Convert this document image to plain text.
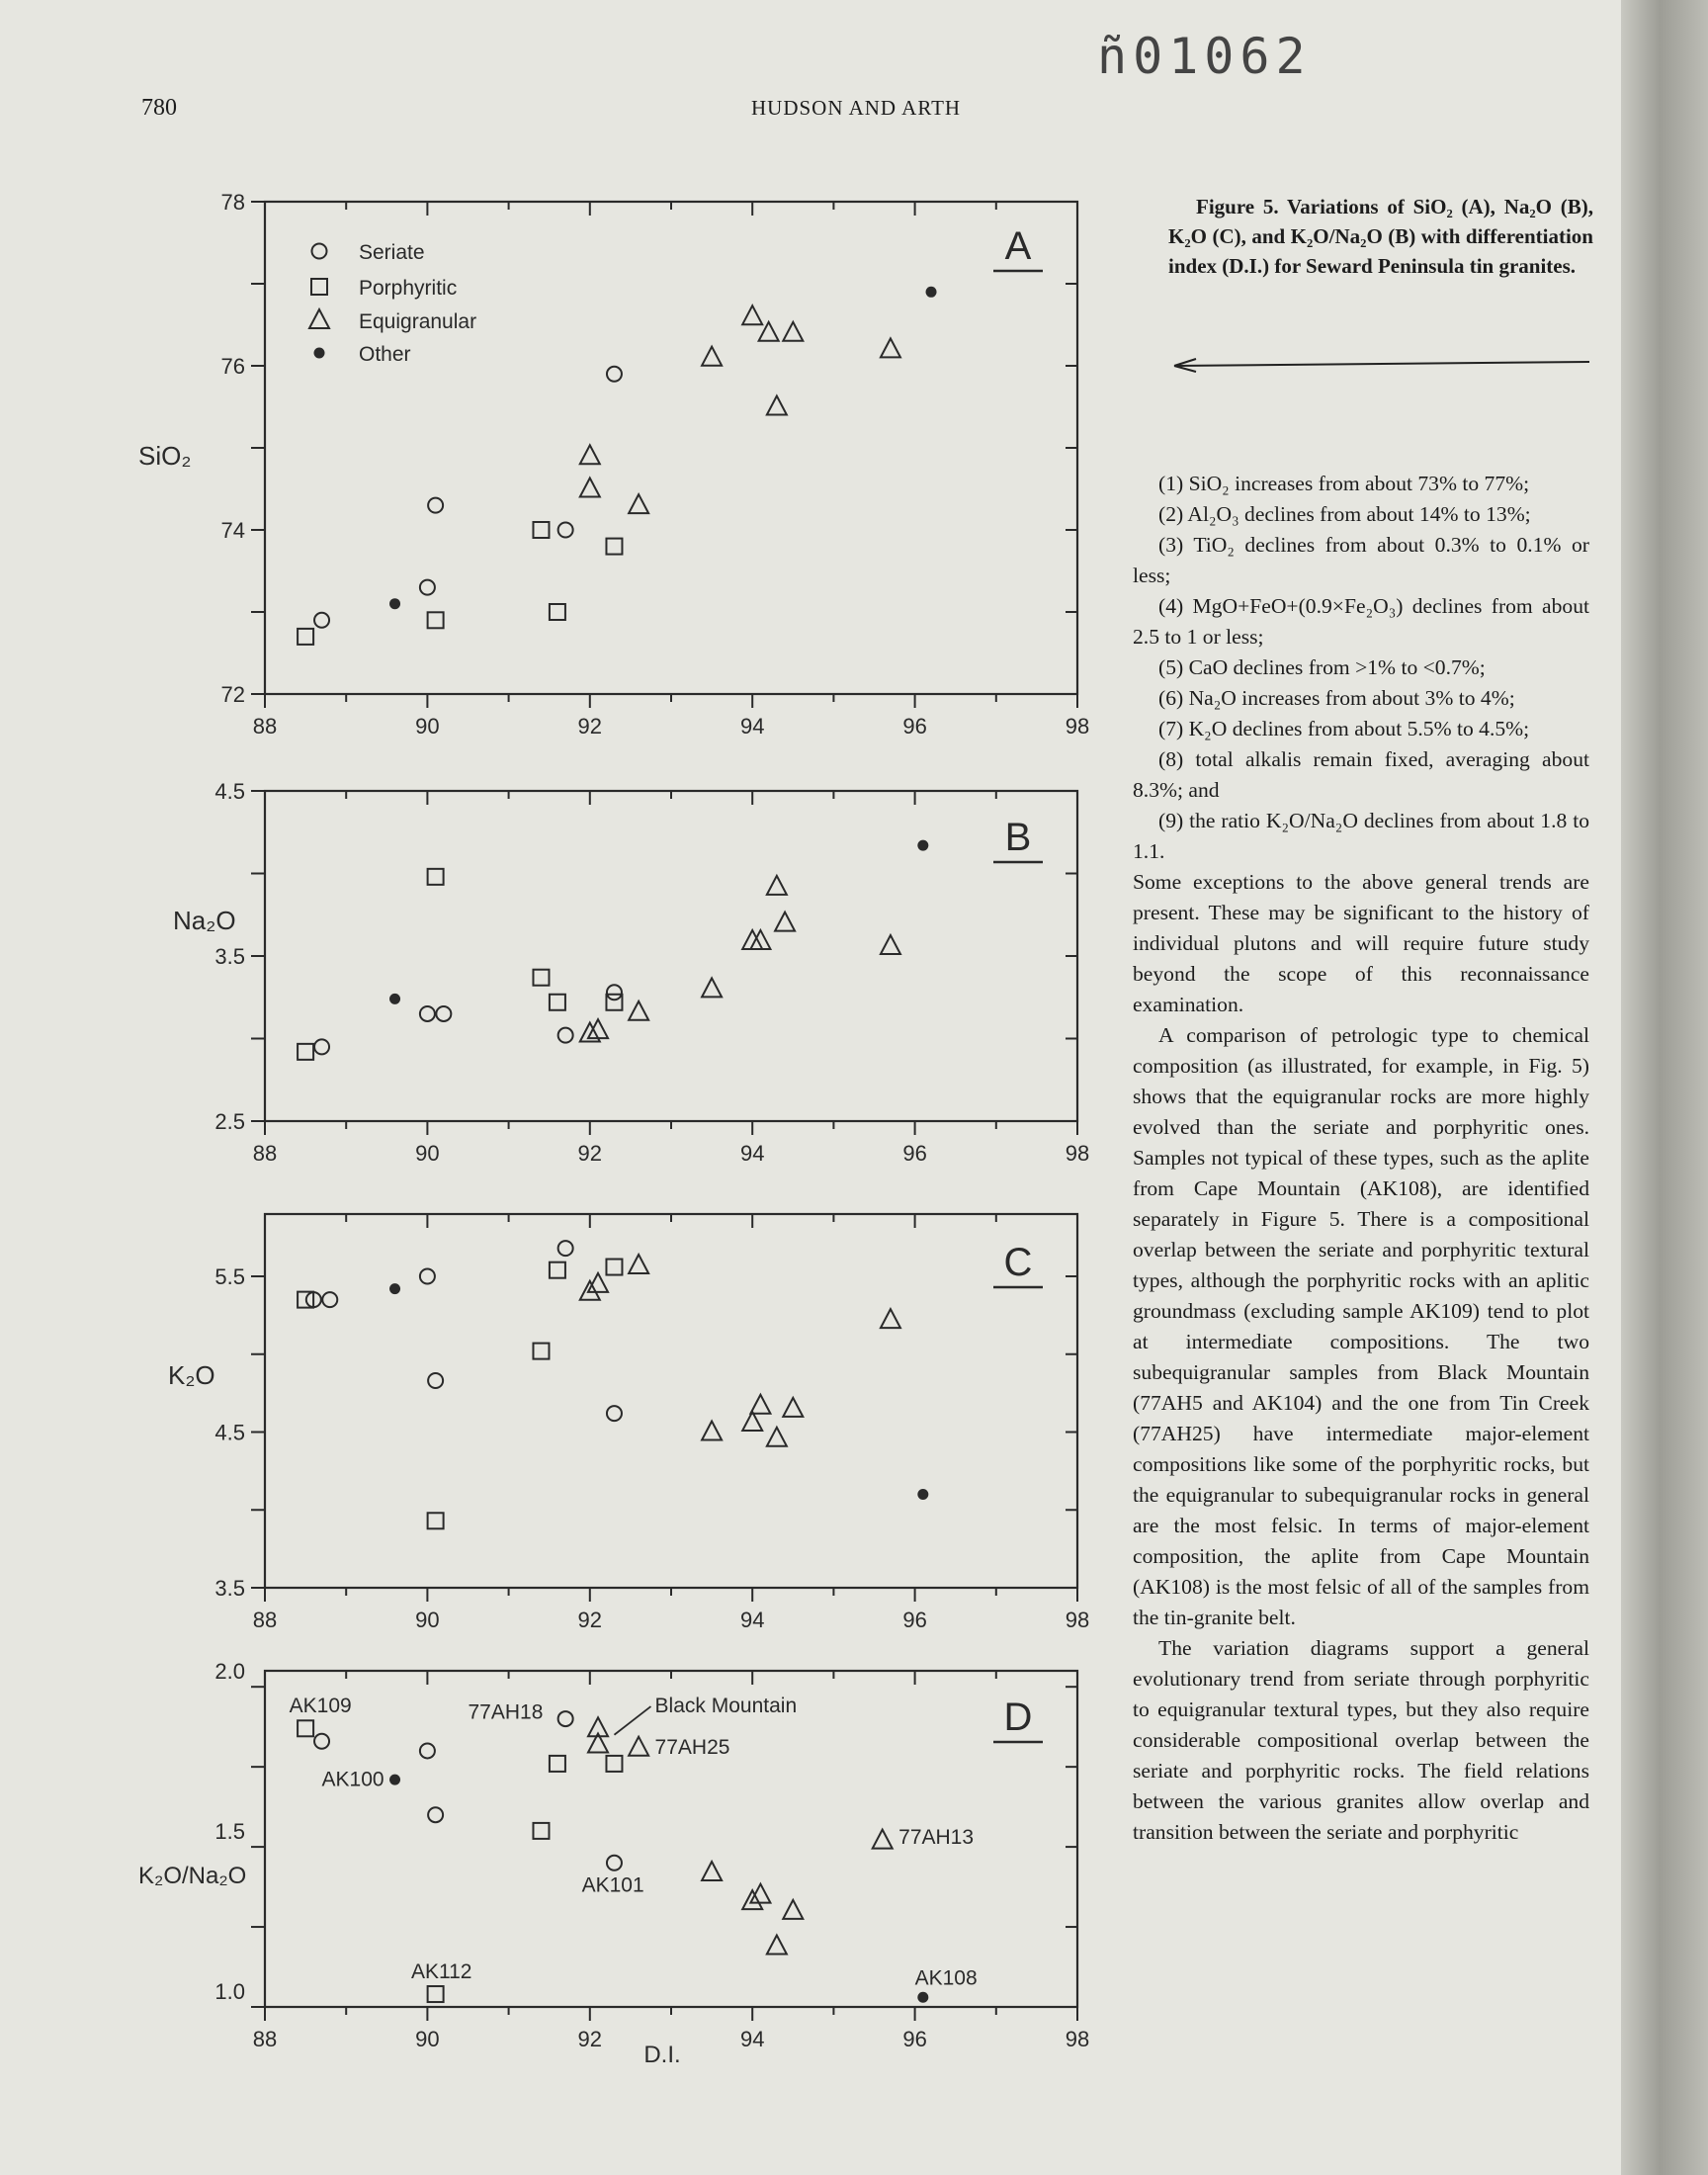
ñ01062
780	HUDSON AND ARTH
88	90	92	94	96	98
72
74
76
78
A
88	90	92	94	96	98
2.5
3.5
4.5
B
88	90	92	94	96	98
3.5
4.5
5.5	C
88	90	92	94	96	98
1.0
1.5
2.0
D
AK109
AK100
77AH18	Black Mountain
77AH25
77AH13
AK101
AK112	AK108
SiO₂
Na₂O
K₂O
K₂O/Na₂O
D.I.
Seriate
Porphyritic
Equigranular
Other
Figure 5. Variations of SiO₂ (A), Na₂O (B), K₂O (C), and K₂O/Na₂O (B) with differentiation index (D.I.) for Seward Peninsula tin granites.

(1) SiO₂ increases from about 73% to 77%;

(2) Al₂O₃ declines from about 14% to 13%;

(3) TiO₂ declines from about 0.3% to 0.1% or less;

(4) MgO+FeO+(0.9×Fe₂O₃) declines from about 2.5 to 1 or less;

(5) CaO declines from >1% to <0.7%;

(6) Na₂O increases from about 3% to 4%;

(7) K₂O declines from about 5.5% to 4.5%;

(8) total alkalis remain fixed, averaging about 8.3%; and

(9) the ratio K₂O/Na₂O declines from about 1.8 to 1.1.

Some exceptions to the above general trends are present. These may be significant to the history of individual plutons and will require future study beyond the scope of this reconnaissance examination.

A comparison of petrologic type to chemical composition (as illustrated, for example, in Fig. 5) shows that the equigranular rocks are more highly evolved than the seriate and porphyritic ones. Samples not typical of these types, such as the aplite from Cape Mountain (AK108), are identified separately in Figure 5. There is a compositional overlap between the seriate and porphyritic textural types, although the porphyritic rocks with an aplitic groundmass (excluding sample AK109) tend to plot at intermediate compositions. The two subequigranular samples from Black Mountain (77AH5 and AK104) and the one from Tin Creek (77AH25) have intermediate major-element compositions like some of the porphyritic rocks, but the equigranular to subequigranular rocks in general are the most felsic. In terms of major-element composition, the aplite from Cape Mountain (AK108) is the most felsic of all of the samples from the tin-granite belt.

The variation diagrams support a general evolutionary trend from seriate through porphyritic to equigranular textural types, but they also require considerable compositional overlap between the seriate and porphyritic rocks. The field relations between the various granites allow overlap and transition between the seriate and porphyritic
